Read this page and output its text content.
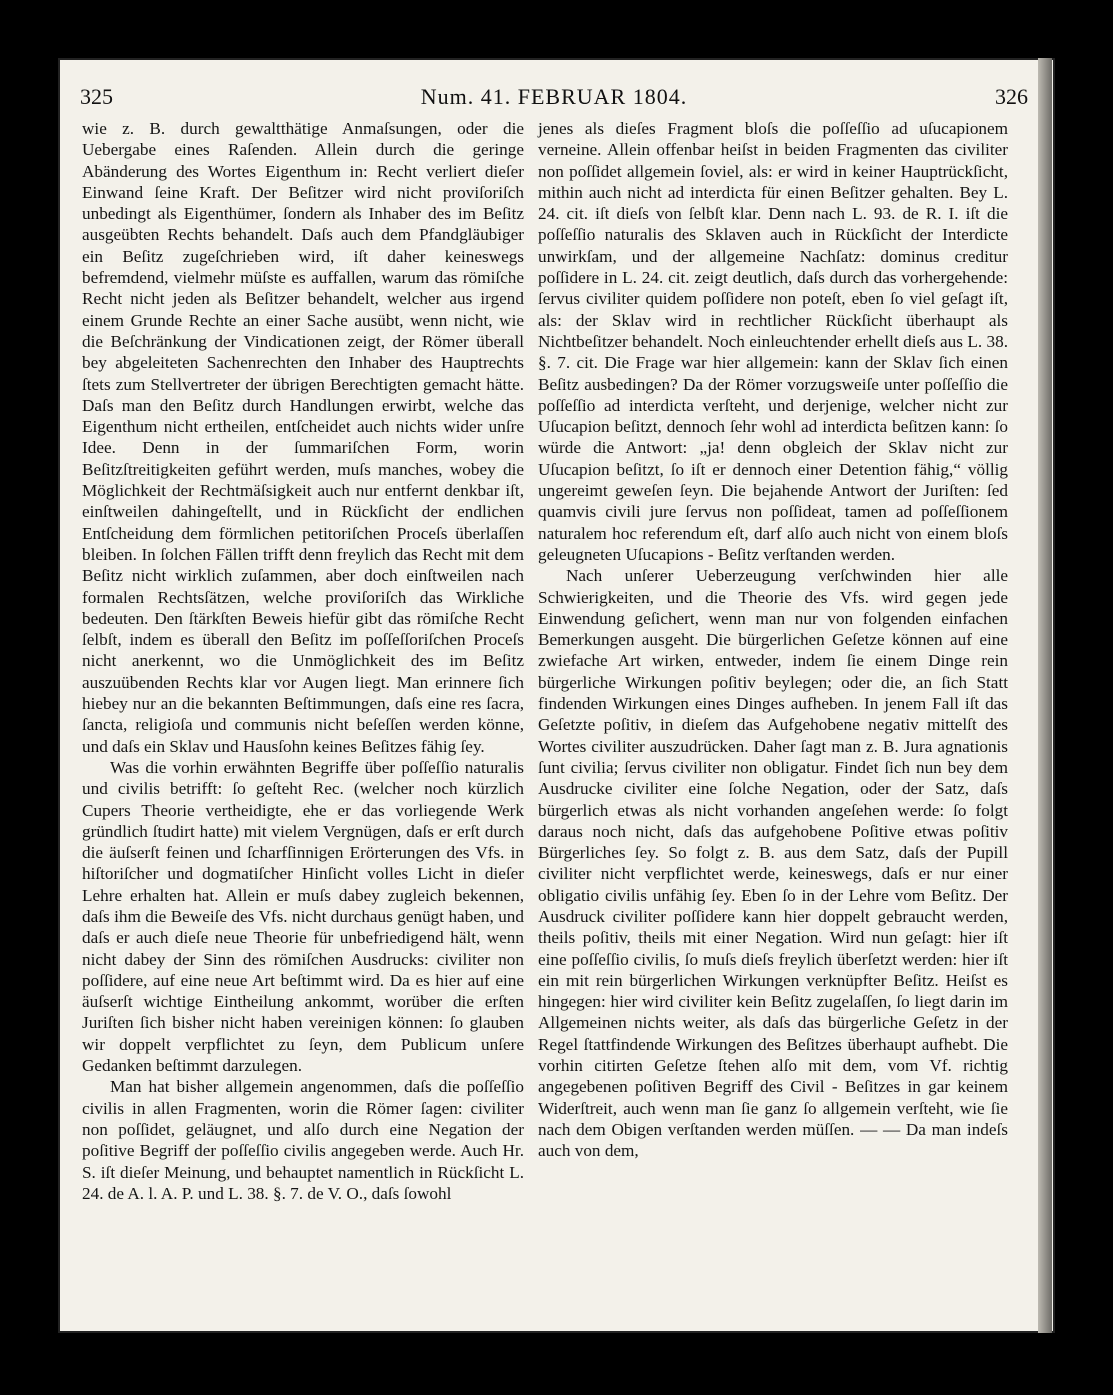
325	Num. 41. FEBRUAR 1804.	326

wie z. B. durch gewaltthätige Anmaſsungen, oder die Uebergabe eines Raſenden. Allein durch die geringe Abänderung des Wortes Eigenthum in: Recht verliert dieſer Einwand ſeine Kraft. Der Beſitzer wird nicht proviſoriſch unbedingt als Eigenthümer, ſondern als Inhaber des im Beſitz ausgeübten Rechts behandelt. Daſs auch dem Pfandgläubiger ein Beſitz zugeſchrieben wird, iſt daher keineswegs befremdend, vielmehr müſste es auffallen, warum das römiſche Recht nicht jeden als Beſitzer behandelt, welcher aus irgend einem Grunde Rechte an einer Sache ausübt, wenn nicht, wie die Beſchränkung der Vindicationen zeigt, der Römer überall bey abgeleiteten Sachenrechten den Inhaber des Hauptrechts ſtets zum Stellvertreter der übrigen Berechtigten gemacht hätte. Daſs man den Beſitz durch Handlungen erwirbt, welche das Eigenthum nicht ertheilen, entſcheidet auch nichts wider unſre Idee. Denn in der ſummariſchen Form, worin Beſitzſtreitigkeiten geführt werden, muſs manches, wobey die Möglichkeit der Rechtmäſsigkeit auch nur entfernt denkbar iſt, einſtweilen dahingeſtellt, und in Rückſicht der endlichen Entſcheidung dem förmlichen petitoriſchen Proceſs überlaſſen bleiben. In ſolchen Fällen trifft denn freylich das Recht mit dem Beſitz nicht wirklich zuſammen, aber doch einſtweilen nach formalen Rechtsſätzen, welche proviſoriſch das Wirkliche bedeuten. Den ſtärkſten Beweis hiefür gibt das römiſche Recht ſelbſt, indem es überall den Beſitz im poſſeſſoriſchen Proceſs nicht anerkennt, wo die Unmöglichkeit des im Beſitz auszuübenden Rechts klar vor Augen liegt. Man erinnere ſich hiebey nur an die bekannten Beſtimmungen, daſs eine res ſacra, ſancta, religioſa und communis nicht beſeſſen werden könne, und daſs ein Sklav und Hausſohn keines Beſitzes fähig ſey.

Was die vorhin erwähnten Begriffe über poſſeſſio naturalis und civilis betrifft: ſo geſteht Rec. (welcher noch kürzlich Cupers Theorie vertheidigte, ehe er das vorliegende Werk gründlich ſtudirt hatte) mit vielem Vergnügen, daſs er erſt durch die äuſserſt feinen und ſcharfſinnigen Erörterungen des Vfs. in hiſtoriſcher und dogmatiſcher Hinſicht volles Licht in dieſer Lehre erhalten hat. Allein er muſs dabey zugleich bekennen, daſs ihm die Beweiſe des Vfs. nicht durchaus genügt haben, und daſs er auch dieſe neue Theorie für unbefriedigend hält, wenn nicht dabey der Sinn des römiſchen Ausdrucks: civiliter non poſſidere, auf eine neue Art beſtimmt wird. Da es hier auf eine äuſserſt wichtige Eintheilung ankommt, worüber die erſten Juriſten ſich bisher nicht haben vereinigen können: ſo glauben wir doppelt verpflichtet zu ſeyn, dem Publicum unſere Gedanken beſtimmt darzulegen.

Man hat bisher allgemein angenommen, daſs die poſſeſſio civilis in allen Fragmenten, worin die Römer ſagen: civiliter non poſſidet, geläugnet, und alſo durch eine Negation der poſitive Begriff der poſſeſſio civilis angegeben werde. Auch Hr. S. iſt dieſer Meinung, und behauptet namentlich in Rückſicht L. 24. de A. l. A. P. und L. 38. §. 7. de V. O., daſs ſowohl

jenes als dieſes Fragment bloſs die poſſeſſio ad uſucapionem verneine. Allein offenbar heiſst in beiden Fragmenten das civiliter non poſſidet allgemein ſoviel, als: er wird in keiner Hauptrückſicht, mithin auch nicht ad interdicta für einen Beſitzer gehalten. Bey L. 24. cit. iſt dieſs von ſelbſt klar. Denn nach L. 93. de R. I. iſt die poſſeſſio naturalis des Sklaven auch in Rückſicht der Interdicte unwirkſam, und der allgemeine Nachſatz: dominus creditur poſſidere in L. 24. cit. zeigt deutlich, daſs durch das vorhergehende: ſervus civiliter quidem poſſidere non poteſt, eben ſo viel geſagt iſt, als: der Sklav wird in rechtlicher Rückſicht überhaupt als Nichtbeſitzer behandelt. Noch einleuchtender erhellt dieſs aus L. 38. §. 7. cit. Die Frage war hier allgemein: kann der Sklav ſich einen Beſitz ausbedingen? Da der Römer vorzugsweiſe unter poſſeſſio die poſſeſſio ad interdicta verſteht, und derjenige, welcher nicht zur Uſucapion beſitzt, dennoch ſehr wohl ad interdicta beſitzen kann: ſo würde die Antwort: „ja! denn obgleich der Sklav nicht zur Uſucapion beſitzt, ſo iſt er dennoch einer Detention fähig,“ völlig ungereimt geweſen ſeyn. Die bejahende Antwort der Juriſten: ſed quamvis civili jure ſervus non poſſideat, tamen ad poſſeſſionem naturalem hoc referendum eſt, darf alſo auch nicht von einem bloſs geleugneten Uſucapions - Beſitz verſtanden werden.

Nach unſerer Ueberzeugung verſchwinden hier alle Schwierigkeiten, und die Theorie des Vfs. wird gegen jede Einwendung geſichert, wenn man nur von folgenden einfachen Bemerkungen ausgeht. Die bürgerlichen Geſetze können auf eine zwiefache Art wirken, entweder, indem ſie einem Dinge rein bürgerliche Wirkungen poſitiv beylegen; oder die, an ſich Statt findenden Wirkungen eines Dinges aufheben. In jenem Fall iſt das Geſetzte poſitiv, in dieſem das Aufgehobene negativ mittelſt des Wortes civiliter auszudrücken. Daher ſagt man z. B. Jura agnationis ſunt civilia; ſervus civiliter non obligatur. Findet ſich nun bey dem Ausdrucke civiliter eine ſolche Negation, oder der Satz, daſs bürgerlich etwas als nicht vorhanden angeſehen werde: ſo folgt daraus noch nicht, daſs das aufgehobene Poſitive etwas poſitiv Bürgerliches ſey. So folgt z. B. aus dem Satz, daſs der Pupill civiliter nicht verpflichtet werde, keineswegs, daſs er nur einer obligatio civilis unfähig ſey. Eben ſo in der Lehre vom Beſitz. Der Ausdruck civiliter poſſidere kann hier doppelt gebraucht werden, theils poſitiv, theils mit einer Negation. Wird nun geſagt: hier iſt eine poſſeſſio civilis, ſo muſs dieſs freylich überſetzt werden: hier iſt ein mit rein bürgerlichen Wirkungen verknüpfter Beſitz. Heiſst es hingegen: hier wird civiliter kein Beſitz zugelaſſen, ſo liegt darin im Allgemeinen nichts weiter, als daſs das bürgerliche Geſetz in der Regel ſtattfindende Wirkungen des Beſitzes überhaupt aufhebt. Die vorhin citirten Geſetze ſtehen alſo mit dem, vom Vf. richtig angegebenen poſitiven Begriff des Civil - Beſitzes in gar keinem Widerſtreit, auch wenn man ſie ganz ſo allgemein verſteht, wie ſie nach dem Obigen verſtanden werden müſſen. — — Da man indeſs auch von dem,
